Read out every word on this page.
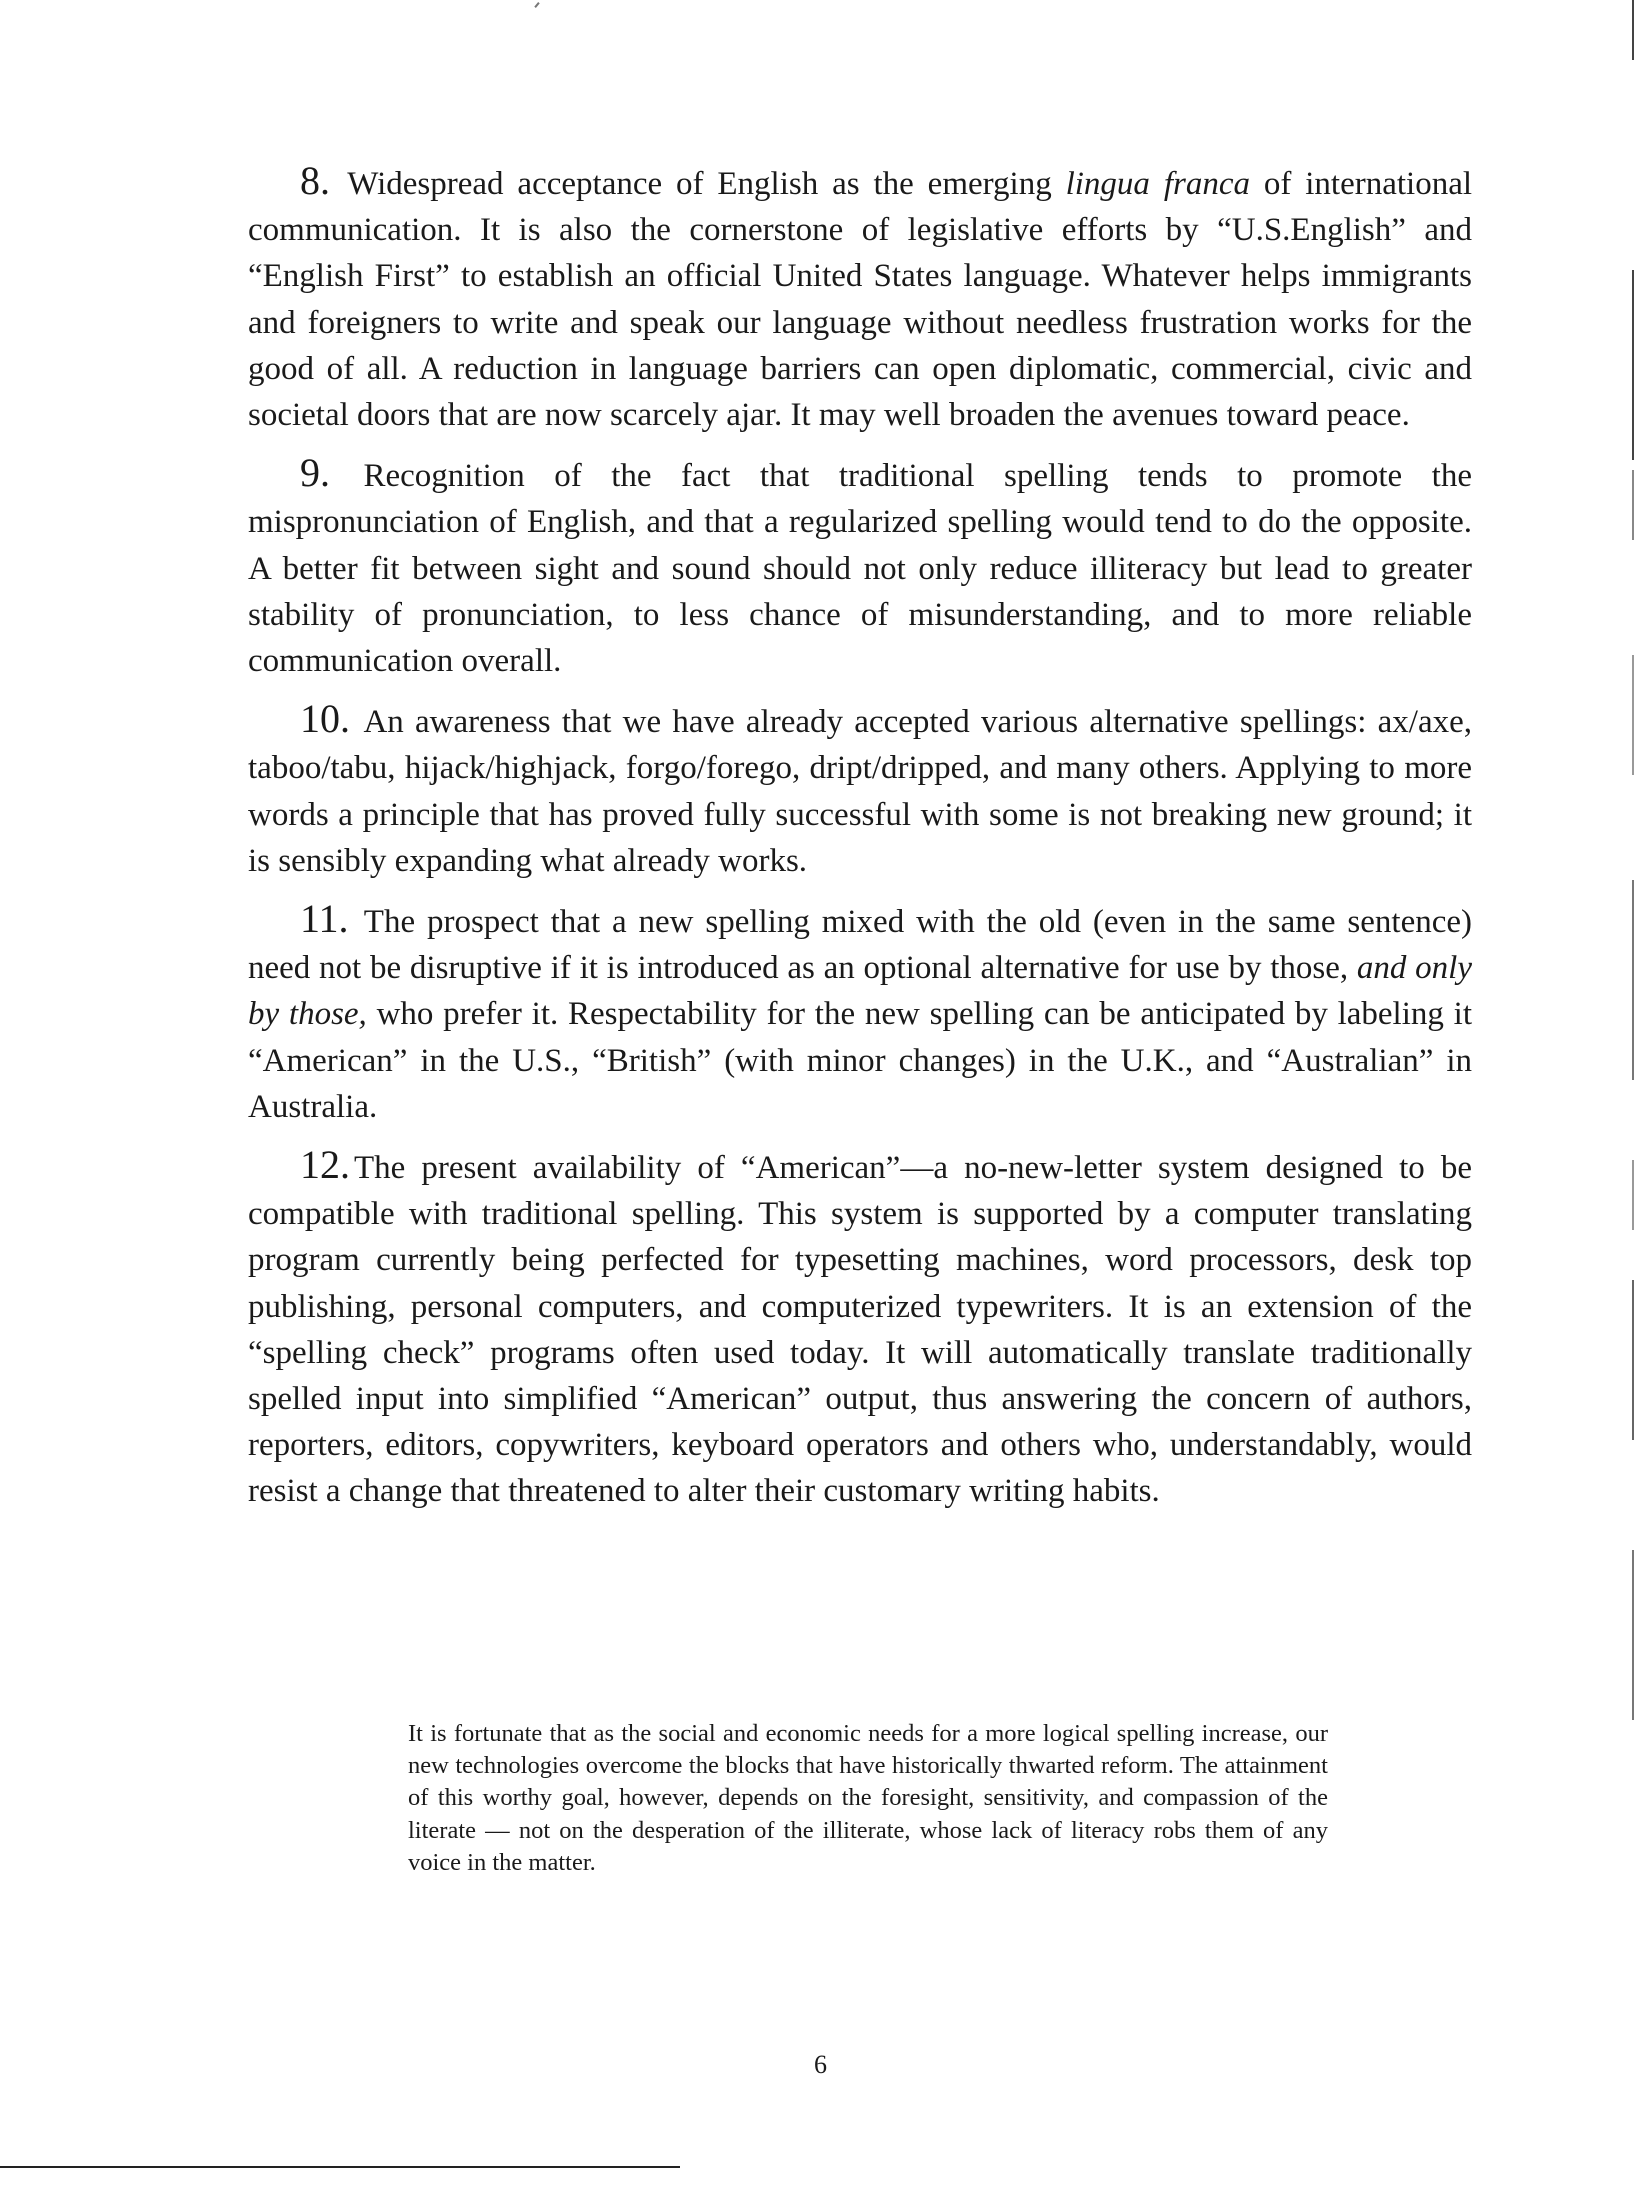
8. Widespread acceptance of English as the emerging lingua franca of international communication. It is also the cornerstone of legislative efforts by “U.S.English” and “English First” to establish an official United States language. Whatever helps immigrants and foreigners to write and speak our language without needless frustration works for the good of all. A reduction in language barriers can open diplomatic, commercial, civic and societal doors that are now scarcely ajar. It may well broaden the avenues toward peace.

9. Recognition of the fact that traditional spelling tends to promote the mispronunciation of English, and that a regularized spelling would tend to do the opposite. A better fit between sight and sound should not only reduce illiteracy but lead to greater stability of pronunciation, to less chance of misunderstanding, and to more reliable communication overall.

10. An awareness that we have already accepted various alternative spellings: ax/axe, taboo/tabu, hijack/highjack, forgo/forego, dript/dripped, and many others. Applying to more words a principle that has proved fully successful with some is not breaking new ground; it is sensibly expanding what already works.

11. The prospect that a new spelling mixed with the old (even in the same sentence) need not be disruptive if it is introduced as an optional alternative for use by those, and only by those, who prefer it. Respectability for the new spelling can be anticipated by labeling it “American” in the U.S., “British” (with minor changes) in the U.K., and “Australian” in Australia.

12. The present availability of “American”—a no-new-letter system designed to be compatible with traditional spelling. This system is supported by a computer translating program currently being perfected for typesetting machines, word processors, desk top publishing, personal computers, and computerized typewriters. It is an extension of the “spelling check” programs often used today. It will automatically translate traditionally spelled input into simplified “American” output, thus answering the concern of authors, reporters, editors, copywriters, keyboard operators and others who, understandably, would resist a change that threatened to alter their customary writing habits.

It is fortunate that as the social and economic needs for a more logical spelling increase, our new technologies overcome the blocks that have historically thwarted reform. The attainment of this worthy goal, however, depends on the foresight, sensitivity, and compassion of the literate — not on the desperation of the illiterate, whose lack of literacy robs them of any voice in the matter.

6
